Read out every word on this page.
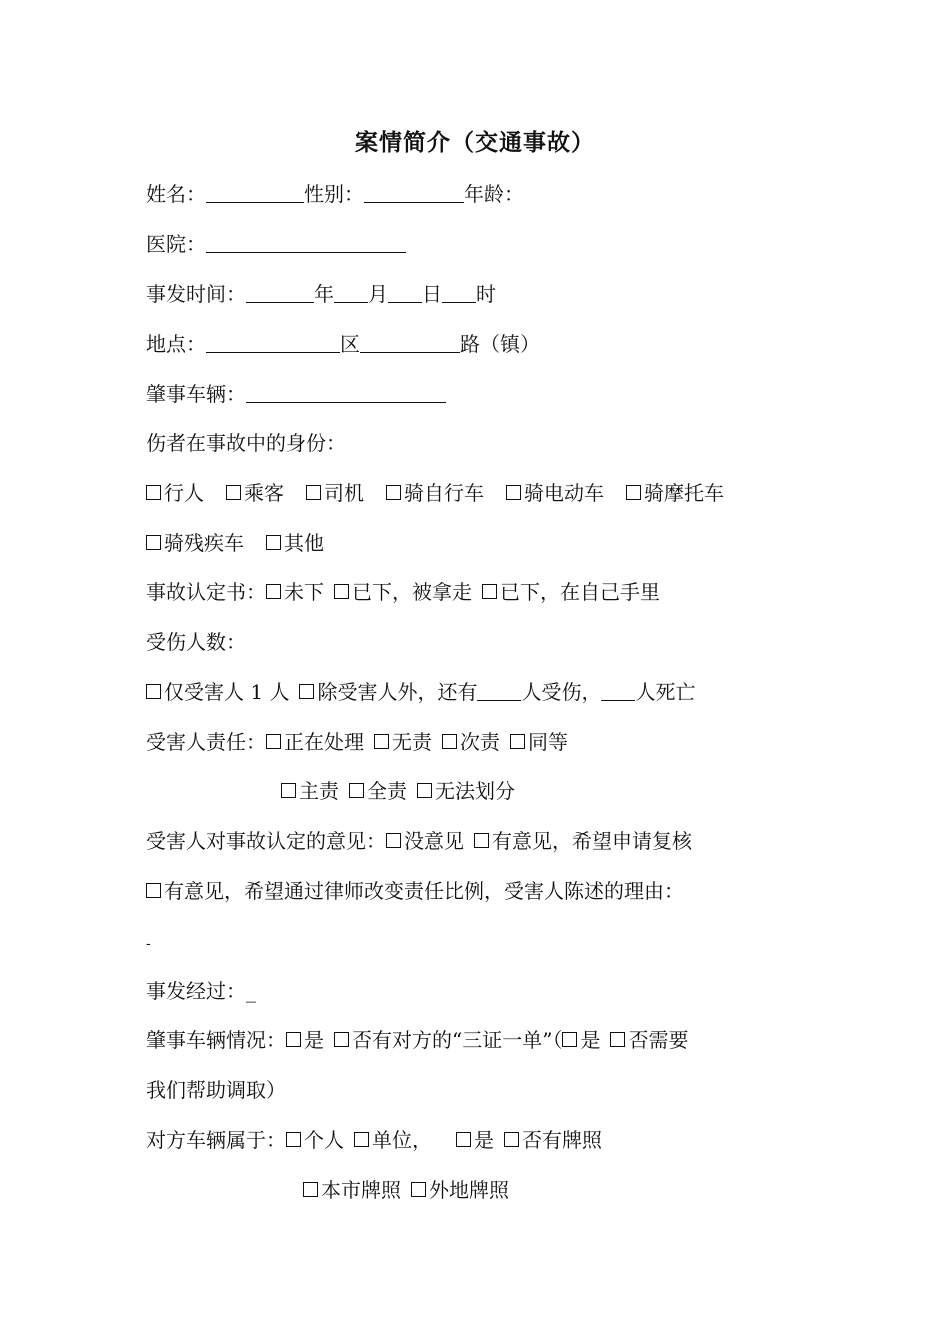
案情简介（交通事故）
姓名：	性别：	年龄：
医院：
事发时间：	年 月 日 时
地点：	区	路（镇）
肇事车辆：
伤者在事故中的身份：
行人 乘客 司机 骑自行车 骑电动车 骑摩托车
骑残疾车 其他
事故认定书： 未下 已下，被拿走 已下，在自己手里
受伤人数：
仅受害人 1 人 除受害人外，还有 人受伤， 人死亡
受害人责任： 正在处理 无责 次责 同等
主责 全责 无法划分
受害人对事故认定的意见： 没意见 有意见，希望申请复核
有意见，希望通过律师改变责任比例，受害人陈述的理由：
-
事发经过：_
肇事车辆情况： 是 否有对方的“三证一单”（ 是 否需要
我们帮助调取）
对方车辆属于： 个人 单位， 是 否有牌照
本市牌照 外地牌照
